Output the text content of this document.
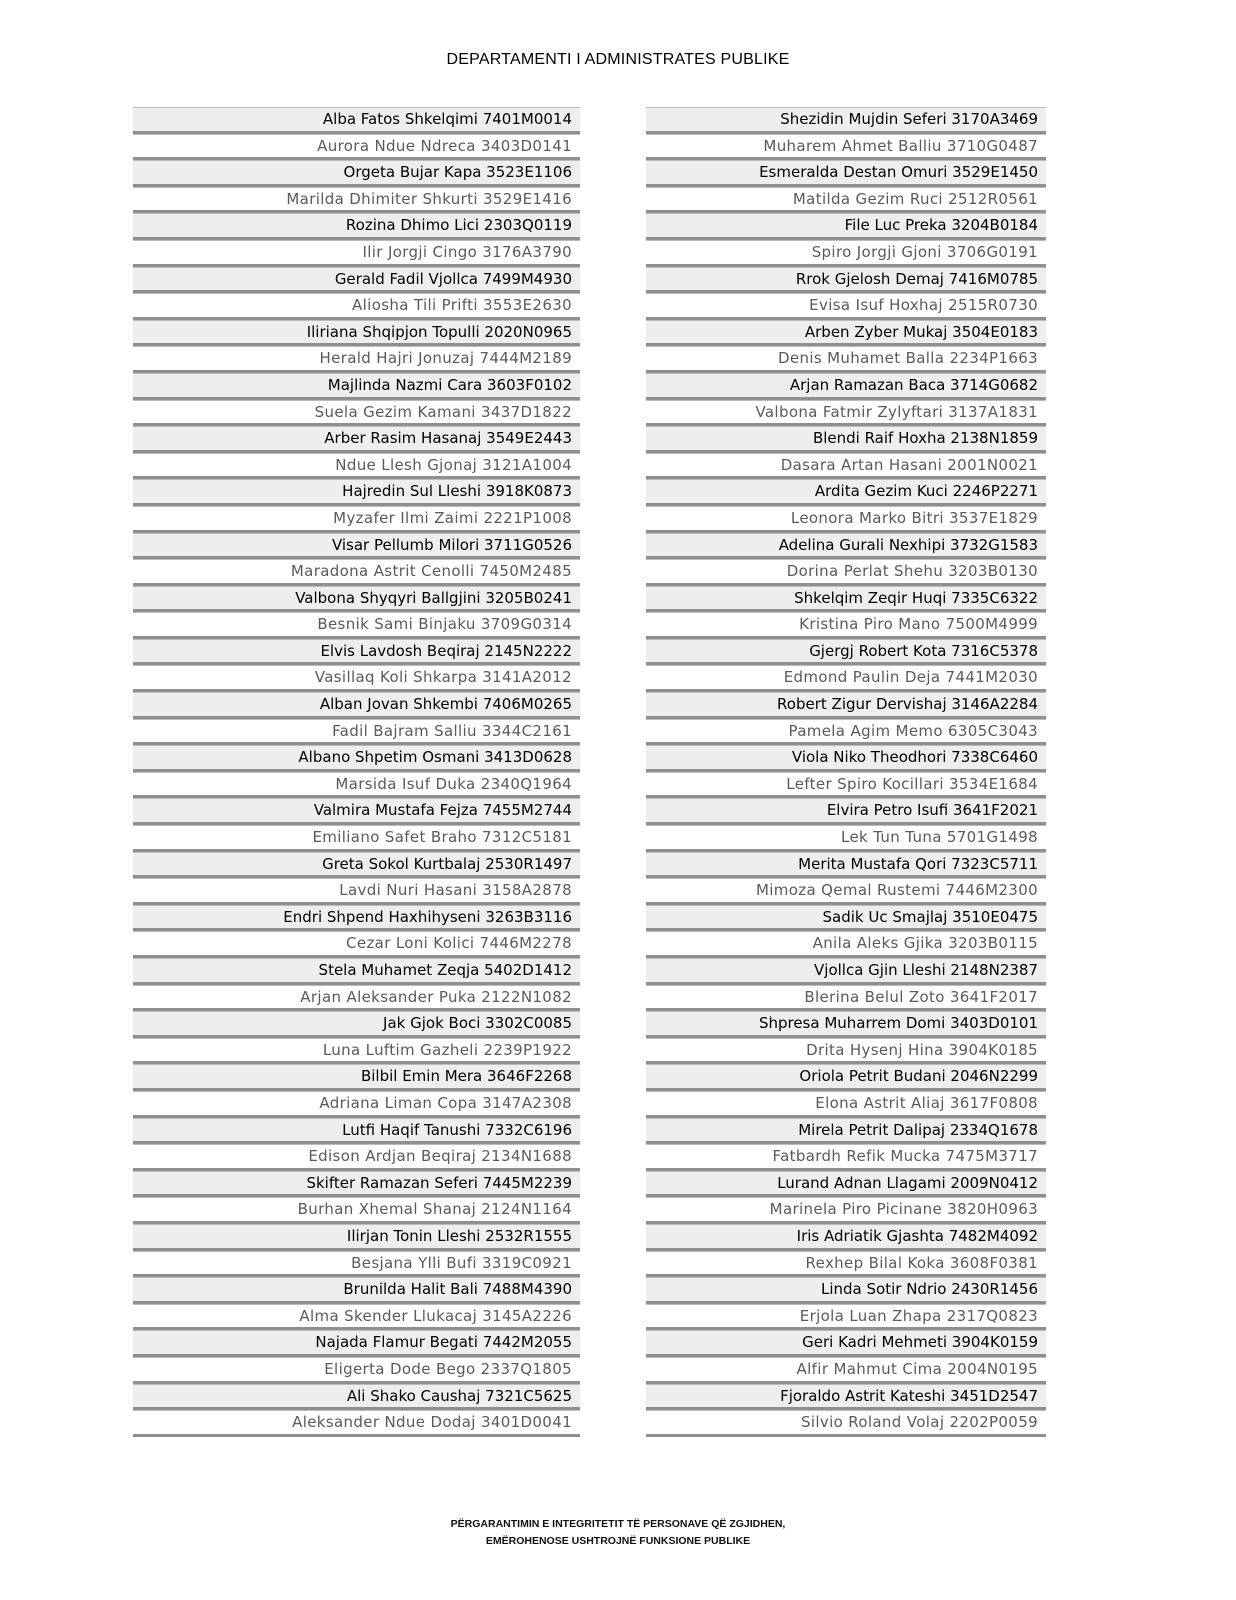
DEPARTAMENTI I ADMINISTRATES PUBLIKE
Alba Fatos Shkelqimi 7401M0014
Aurora Ndue Ndreca 3403D0141
Orgeta Bujar Kapa 3523E1106
Marilda Dhimiter Shkurti 3529E1416
Rozina Dhimo Lici 2303Q0119
Ilir Jorgji Cingo 3176A3790
Gerald Fadil Vjollca 7499M4930
Aliosha Tili Prifti 3553E2630
Iliriana Shqipjon Topulli 2020N0965
Herald Hajri Jonuzaj 7444M2189
Majlinda Nazmi Cara 3603F0102
Suela Gezim Kamani 3437D1822
Arber Rasim Hasanaj 3549E2443
Ndue Llesh Gjonaj 3121A1004
Hajredin Sul Lleshi 3918K0873
Myzafer Ilmi Zaimi 2221P1008
Visar Pellumb Milori 3711G0526
Maradona Astrit Cenolli 7450M2485
Valbona Shyqyri Ballgjini 3205B0241
Besnik Sami Binjaku 3709G0314
Elvis Lavdosh Beqiraj 2145N2222
Vasillaq Koli Shkarpa 3141A2012
Alban Jovan Shkembi 7406M0265
Fadil Bajram Salliu 3344C2161
Albano Shpetim Osmani 3413D0628
Marsida Isuf Duka 2340Q1964
Valmira Mustafa Fejza 7455M2744
Emiliano Safet Braho 7312C5181
Greta Sokol Kurtbalaj 2530R1497
Lavdi Nuri Hasani 3158A2878
Endri Shpend Haxhihyseni 3263B3116
Cezar Loni Kolici 7446M2278
Stela Muhamet Zeqja 5402D1412
Arjan Aleksander Puka 2122N1082
Jak Gjok Boci 3302C0085
Luna Luftim Gazheli 2239P1922
Bilbil Emin Mera 3646F2268
Adriana Liman Copa 3147A2308
Lutfi Haqif Tanushi 7332C6196
Edison Ardjan Beqiraj 2134N1688
Skifter Ramazan Seferi 7445M2239
Burhan Xhemal Shanaj 2124N1164
Ilirjan Tonin Lleshi 2532R1555
Besjana Ylli Bufi 3319C0921
Brunilda Halit Bali 7488M4390
Alma Skender Llukacaj 3145A2226
Najada Flamur Begati 7442M2055
Eligerta Dode Bego 2337Q1805
Ali Shako Caushaj 7321C5625
Aleksander Ndue Dodaj 3401D0041
Shezidin Mujdin Seferi 3170A3469
Muharem Ahmet Balliu 3710G0487
Esmeralda Destan Omuri 3529E1450
Matilda Gezim Ruci 2512R0561
File Luc Preka 3204B0184
Spiro Jorgji Gjoni 3706G0191
Rrok Gjelosh Demaj 7416M0785
Evisa Isuf Hoxhaj 2515R0730
Arben Zyber Mukaj 3504E0183
Denis Muhamet Balla 2234P1663
Arjan Ramazan Baca 3714G0682
Valbona Fatmir Zylyftari 3137A1831
Blendi Raif Hoxha 2138N1859
Dasara Artan Hasani 2001N0021
Ardita Gezim Kuci 2246P2271
Leonora Marko Bitri 3537E1829
Adelina Gurali Nexhipi 3732G1583
Dorina Perlat Shehu 3203B0130
Shkelqim Zeqir Huqi 7335C6322
Kristina Piro Mano 7500M4999
Gjergj Robert Kota 7316C5378
Edmond Paulin Deja 7441M2030
Robert Zigur Dervishaj 3146A2284
Pamela Agim Memo 6305C3043
Viola Niko Theodhori 7338C6460
Lefter Spiro Kocillari 3534E1684
Elvira Petro Isufi 3641F2021
Lek Tun Tuna 5701G1498
Merita Mustafa Qori 7323C5711
Mimoza Qemal Rustemi 7446M2300
Sadik Uc Smajlaj 3510E0475
Anila Aleks Gjika 3203B0115
Vjollca Gjin Lleshi 2148N2387
Blerina Belul Zoto 3641F2017
Shpresa Muharrem Domi 3403D0101
Drita Hysenj Hina 3904K0185
Oriola Petrit Budani 2046N2299
Elona Astrit Aliaj 3617F0808
Mirela Petrit Dalipaj 2334Q1678
Fatbardh Refik Mucka 7475M3717
Lurand Adnan Llagami 2009N0412
Marinela Piro Picinane 3820H0963
Iris Adriatik Gjashta 7482M4092
Rexhep Bilal Koka 3608F0381
Linda Sotir Ndrio 2430R1456
Erjola Luan Zhapa 2317Q0823
Geri Kadri Mehmeti 3904K0159
Alfir Mahmut Cima 2004N0195
Fjoraldo Astrit Kateshi 3451D2547
Silvio Roland Volaj 2202P0059
PËRGARANTIMIN E INTEGRITETIT TË PERSONAVE QË ZGJIDHEN,
EMËROHENOSE USHTROJNË FUNKSIONE PUBLIKE
